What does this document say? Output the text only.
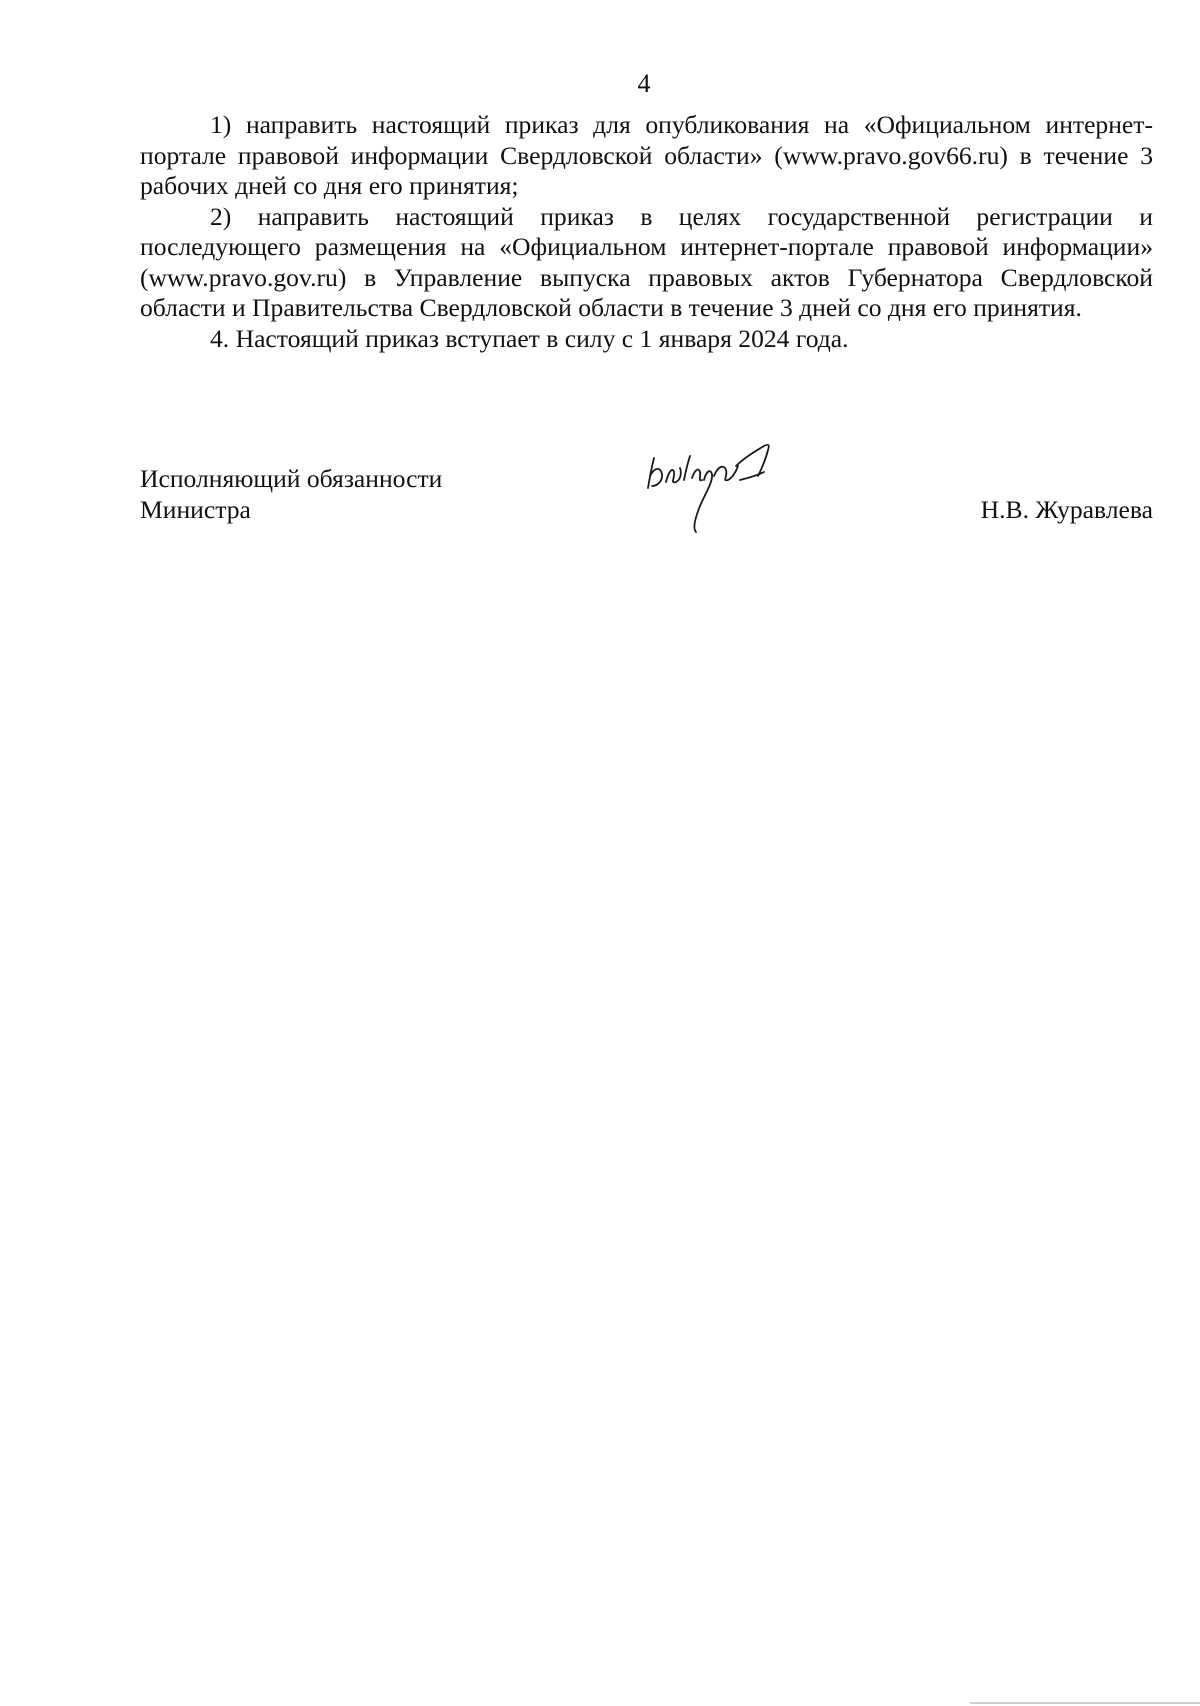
4

1) направить настоящий приказ для опубликования на «Официальном интернет-портале правовой информации Свердловской области» (www.pravo.gov66.ru) в течение 3 рабочих дней со дня его принятия;

2) направить настоящий приказ в целях государственной регистрации и последующего размещения на «Официальном интернет-портале правовой информации» (www.pravo.gov.ru) в Управление выпуска правовых актов Губернатора Свердловской области и Правительства Свердловской области в течение 3 дней со дня его принятия.

4. Настоящий приказ вступает в силу с 1 января 2024 года.

Исполняющий обязанности
Министра	Н.В. Журавлева
